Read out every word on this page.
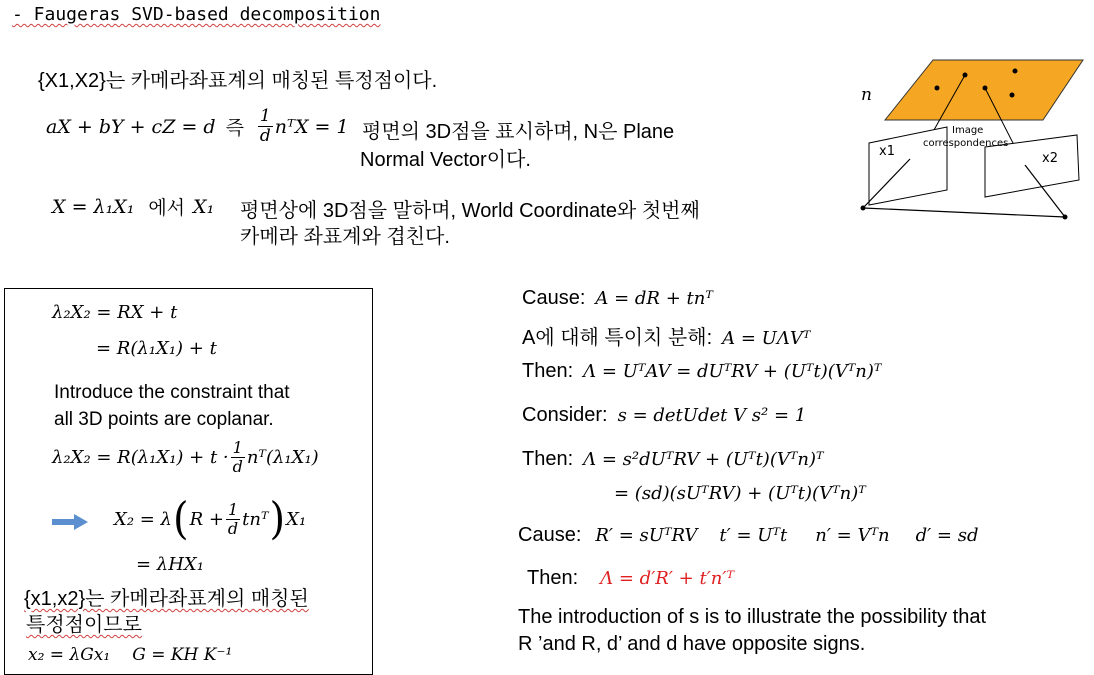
- Faugeras SVD-based decomposition
{X1,X2}는 카메라좌표계의 매칭된 특정점이다.
aX + bY + cZ = d 즉 $\frac{1}{d}$ nᵀX = 1 평면의 3D점을 표시하며, N은 Plane
Normal Vector이다.
X = λ₁X₁ 에서 X₁ 평면상에 3D점을 말하며, World Coordinate와 첫번째
카메라 좌표계와 겹친다.
n
Image
correspondences
x1	x2
λ₂X₂ = RX + t
= R(λ₁X₁) + t
Introduce the constraint that
all 3D points are coplanar.
$\lambda_2X_2 = R(\lambda_1X_1) + t \cdot \frac{1}{d}$ nᵀ(λ₁X₁)
X₂ = λ ( $R + \frac{1}{d}$ tnᵀ ) X₁
= λHX₁
{x1,x2}는 카메라좌표계의 매칭된
특정점이므로
x₂ = λGx₁ G = KH K⁻¹
Cause: A = dR + tnᵀ
A에 대해 특이치 분해: A = UΛVᵀ
Then: Λ = UᵀAV = dUᵀRV + (Uᵀt)(Vᵀn)ᵀ
Consider: s = detUdet V s² = 1
Then: Λ = s²dUᵀRV + (Uᵀt)(Vᵀn)ᵀ
= (sd)(sUᵀRV) + (Uᵀt)(Vᵀn)ᵀ
Cause: R′ = sUᵀRV t′ = Uᵀt n′ = Vᵀn d′ = sd
Then: Λ = d′R′ + t′n′ᵀ
The introduction of s is to illustrate the possibility that
R ’and R, d’ and d have opposite signs.
